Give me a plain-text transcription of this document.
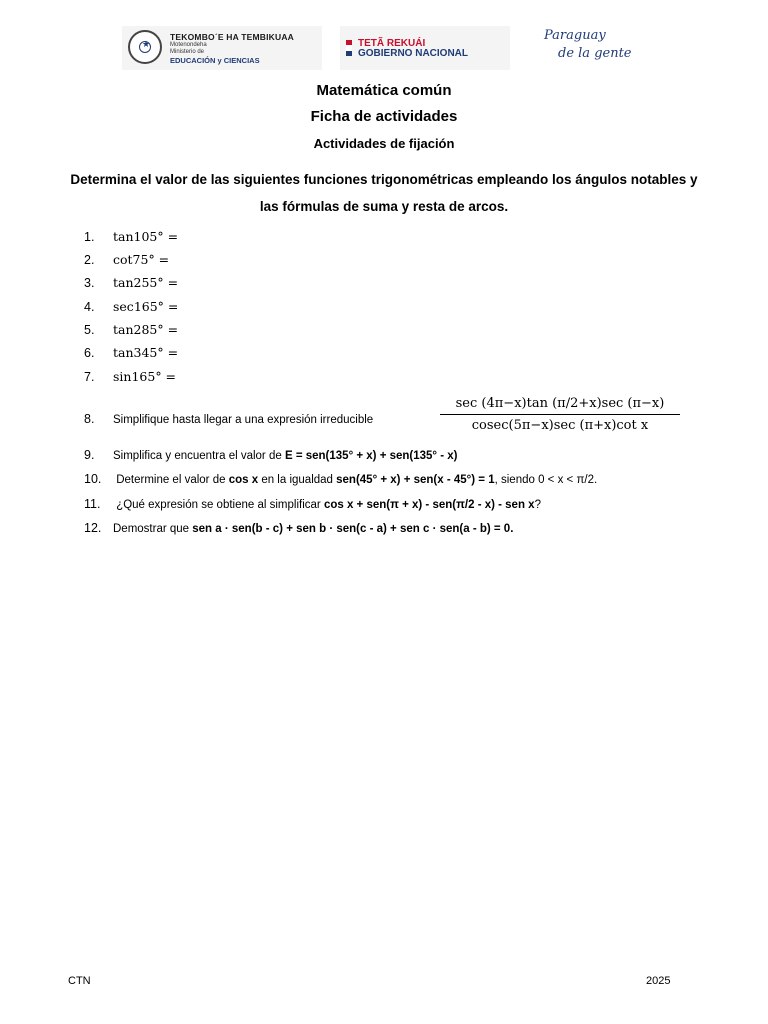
★
TEKOMBO´E HA TEMBIKUAA
Motenondeha
Ministerio de
EDUCACIÓN y CIENCIAS
TETÃ REKUÁI
GOBIERNO NACIONAL
Paraguay
de la gente
Matemática común
Ficha de actividades
Actividades de fijación
Determina el valor de las siguientes funciones trigonométricas empleando los ángulos notables y las fórmulas de suma y resta de arcos.
1. tan105° =
2. cot75° =
3. tan255° =
4. sec165° =
5. tan285° =
6. tan345° =
7. sin165° =
8. Simplifique hasta llegar a una expresión irreducible
sec (4π−x)tan (π/2+x)sec (π−x)
cosec(5π−x)sec (π+x)cot x
9. Simplifica y encuentra el valor de E = sen(135° + x) + sen(135° - x)
10. Determine el valor de cos x en la igualdad sen(45° + x) + sen(x - 45°) = 1, siendo 0 < x < π/2.
11. ¿Qué expresión se obtiene al simplificar cos x + sen(π + x) - sen(π/2 - x) - sen x?
12. Demostrar que sen a · sen(b - c) + sen b · sen(c - a) + sen c · sen(a - b) = 0.
CTN	2025
